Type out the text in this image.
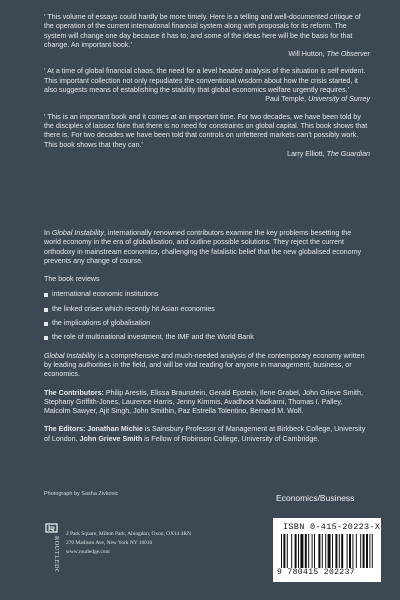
‘ This volume of essays could hardly be more timely. Here is a telling and well-documented critique of the operation of the current international financial system along with proposals for its reform. The system will change one day because it has to; and some of the ideas here will be the basis for that change. An important book.’

Will Hutton, The Observer

‘ At a time of global financial chaos, the need for a level headed analysis of the situation is self evident. This important collection not only repudiates the conventional wisdom about how the crisis started, it also suggests means of establishing the stability that global economics welfare urgently requires.’

Paul Temple, University of Surrey

‘ This is an important book and it comes at an important time. For two decades, we have been told by the disciples of laissez faire that there is no need for constraints on global capital. This book shows that there is. For two decades we have been told that controls on unfettered markets can’t possibly work. This book shows that they can.’

Larry Elliott, The Guardian

In Global Instability, internationally renowned contributors examine the key problems besetting the world economy in the era of globalisation, and outline possible solutions. They reject the current orthodoxy in mainstream economics, challenging the fatalistic belief that the new globalised economy prevents any change of course.

The book reviews

international economic institutions
the linked crises which recently hit Asian economies
the implications of globalisation
the role of multinational investment, the IMF and the World Bank

Global Instability is a comprehensive and much-needed analysis of the contemporary economy written by leading authorities in the field, and will be vital reading for anyone in management, business, or economics.

The Contributors: Philip Arestis, Elissa Braunstein, Gerald Epstein, Ilene Grabel, John Grieve Smith, Stephany Griffith-Jones, Laurence Harris, Jenny Kimmis, Avadhoot Nadkarni, Thomas I. Palley, Malcolm Sawyer, Ajit Singh, John Smithin, Paz Estrella Tolentino, Bernard M. Wolf.

The Editors: Jonathan Michie is Sainsbury Professor of Management at Birkbeck College, University of London. John Grieve Smith is Fellow of Robinson College, University of Cambridge.

Photograph by Sasha Zivkovic	Economics/Business
ROUTLEDGE
2 Park Square, Milton Park, Abingdon, Oxon, OX14 4RN
270 Madison Ave, New York NY 10016
www.routledge.com
ISBN 0-415-20223-X
9 780415 202237
